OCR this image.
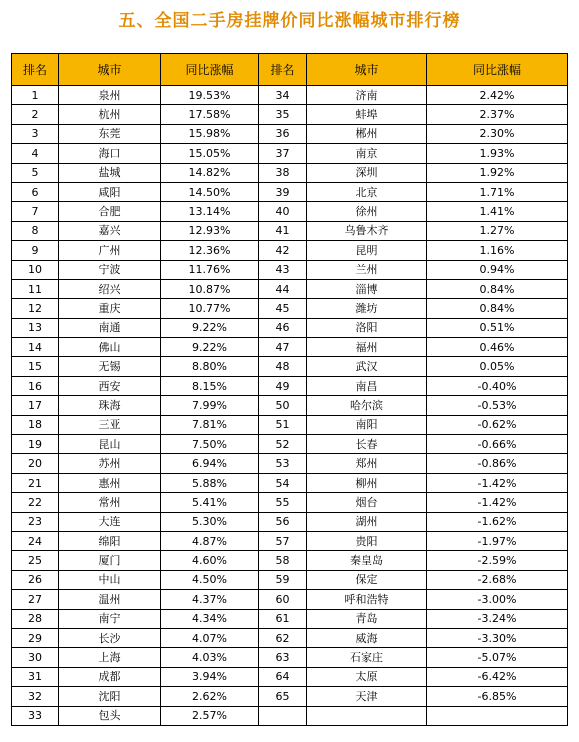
五、全国二手房挂牌价同比涨幅城市排行榜
排名	城市	同比涨幅	排名	城市	同比涨幅
1	泉州	19.53%	34	济南	2.42%
2	杭州	17.58%	35	蚌埠	2.37%
3	东莞	15.98%	36	郴州	2.30%
4	海口	15.05%	37	南京	1.93%
5	盐城	14.82%	38	深圳	1.92%
6	咸阳	14.50%	39	北京	1.71%
7	合肥	13.14%	40	徐州	1.41%
8	嘉兴	12.93%	41	乌鲁木齐	1.27%
9	广州	12.36%	42	昆明	1.16%
10	宁波	11.76%	43	兰州	0.94%
11	绍兴	10.87%	44	淄博	0.84%
12	重庆	10.77%	45	潍坊	0.84%
13	南通	9.22%	46	洛阳	0.51%
14	佛山	9.22%	47	福州	0.46%
15	无锡	8.80%	48	武汉	0.05%
16	西安	8.15%	49	南昌	-0.40%
17	珠海	7.99%	50	哈尔滨	-0.53%
18	三亚	7.81%	51	南阳	-0.62%
19	昆山	7.50%	52	长春	-0.66%
20	苏州	6.94%	53	郑州	-0.86%
21	惠州	5.88%	54	柳州	-1.42%
22	常州	5.41%	55	烟台	-1.42%
23	大连	5.30%	56	湖州	-1.62%
24	绵阳	4.87%	57	贵阳	-1.97%
25	厦门	4.60%	58	秦皇岛	-2.59%
26	中山	4.50%	59	保定	-2.68%
27	温州	4.37%	60	呼和浩特	-3.00%
28	南宁	4.34%	61	青岛	-3.24%
29	长沙	4.07%	62	威海	-3.30%
30	上海	4.03%	63	石家庄	-5.07%
31	成都	3.94%	64	太原	-6.42%
32	沈阳	2.62%	65	天津	-6.85%
33	包头	2.57%			
